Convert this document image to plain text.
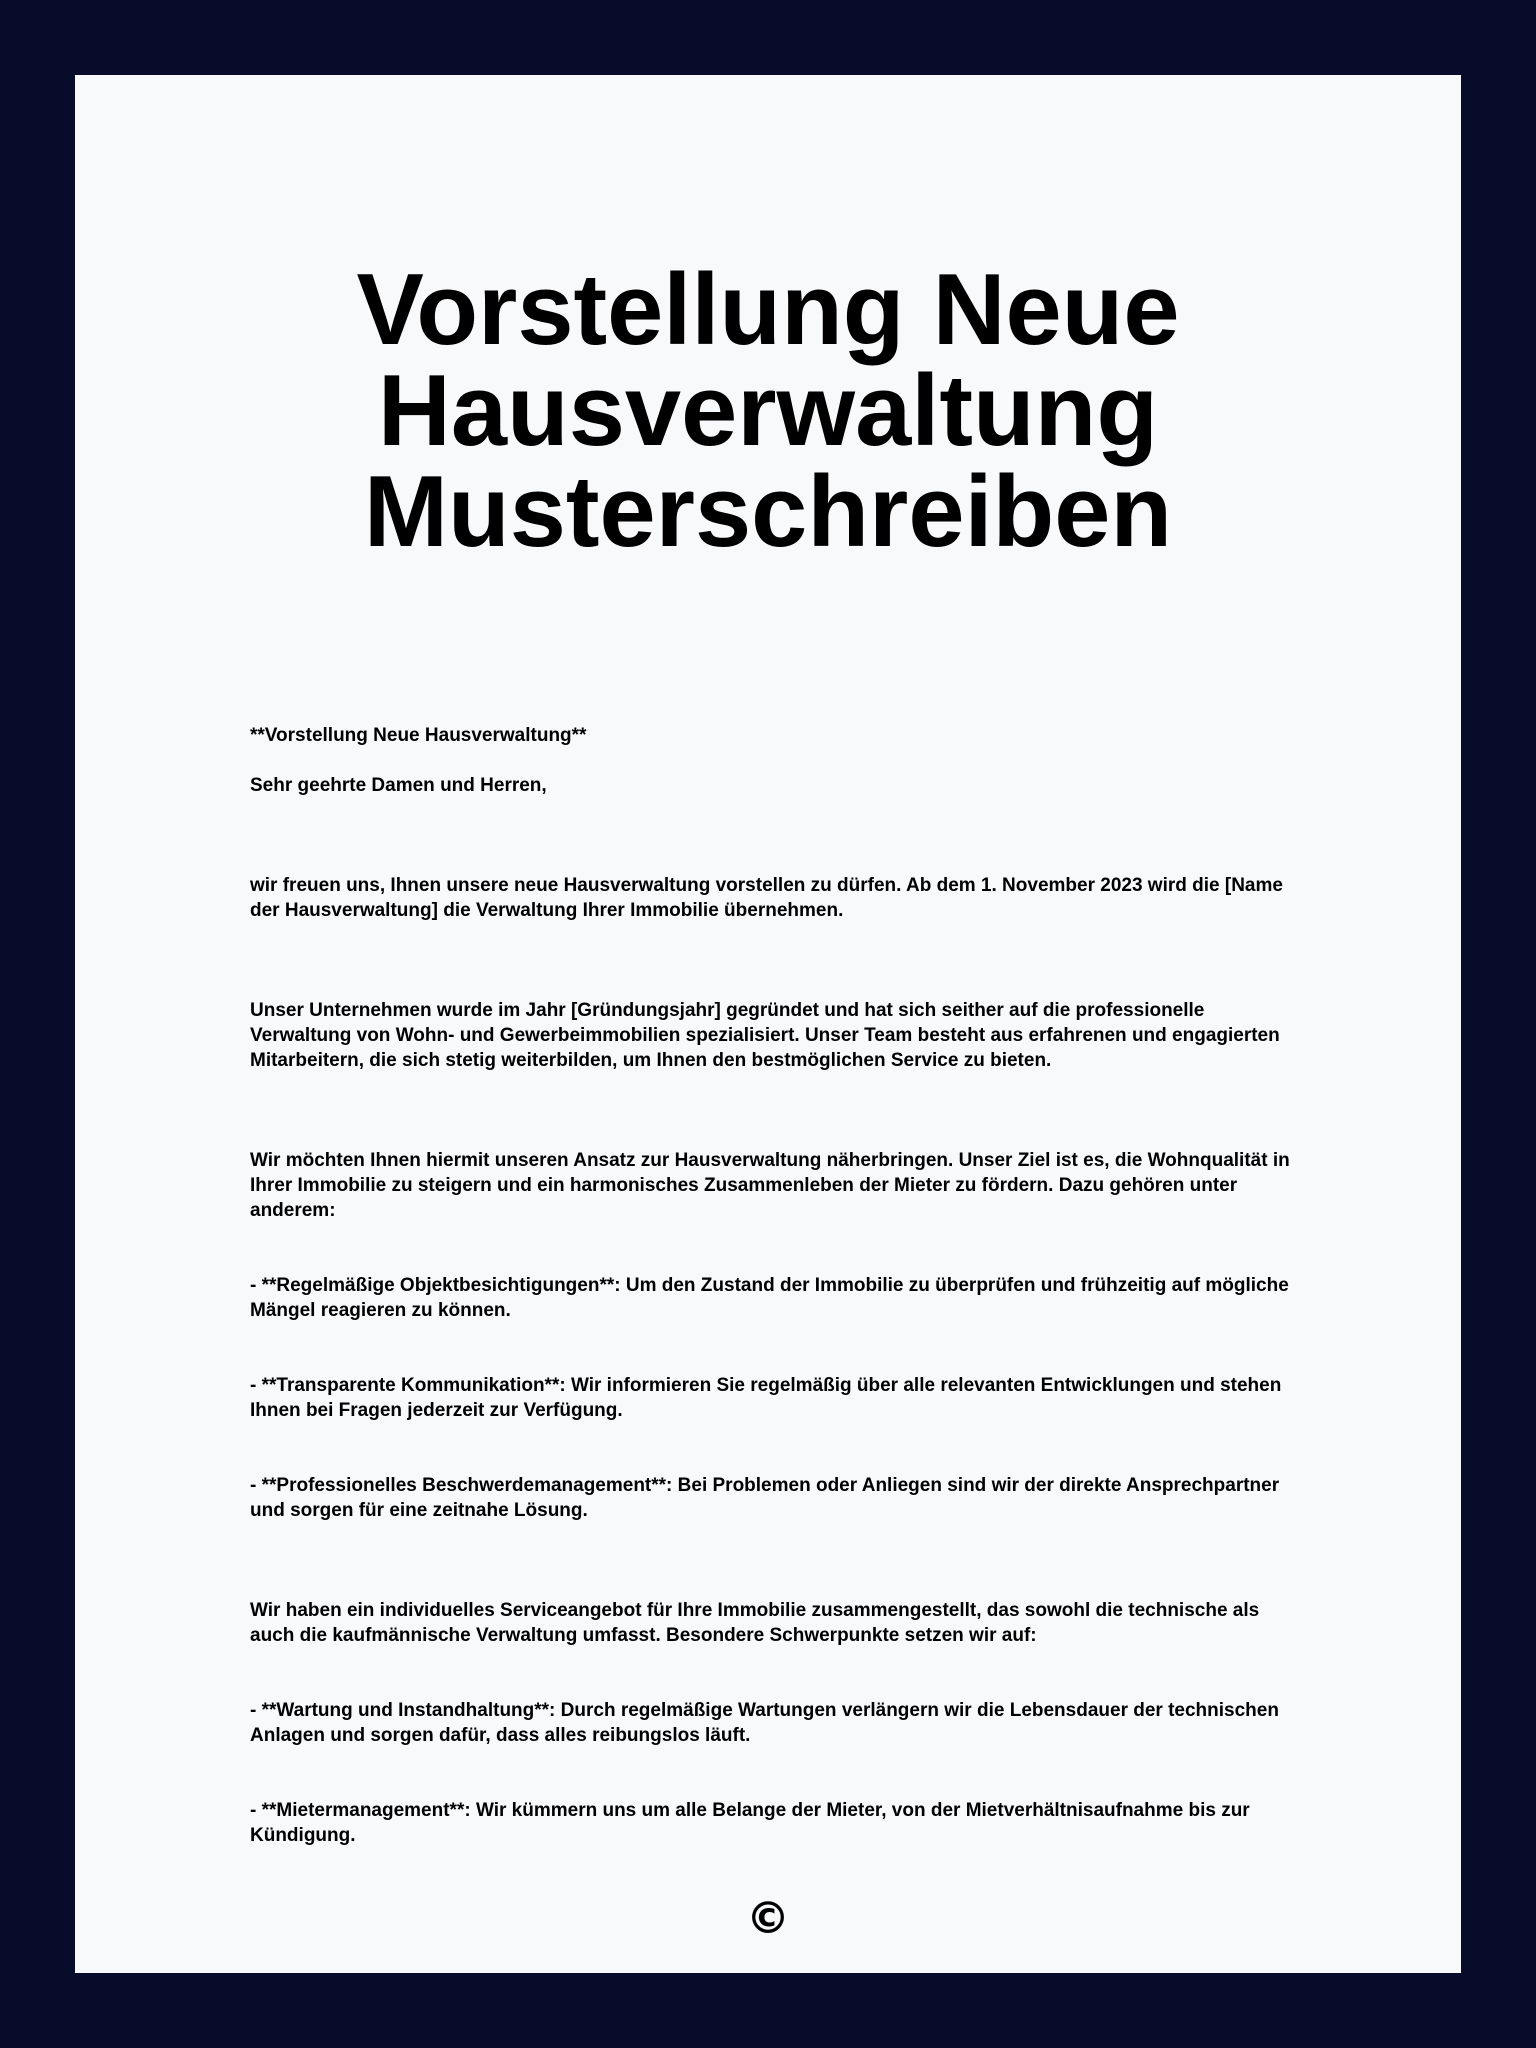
Vorstellung Neue
Hausverwaltung
Musterschreiben

**Vorstellung Neue Hausverwaltung**

Sehr geehrte Damen und Herren,

wir freuen uns, Ihnen unsere neue Hausverwaltung vorstellen zu dürfen. Ab dem 1. November 2023 wird die [Name der Hausverwaltung] die Verwaltung Ihrer Immobilie übernehmen.

Unser Unternehmen wurde im Jahr [Gründungsjahr] gegründet und hat sich seither auf die professionelle Verwaltung von Wohn- und Gewerbeimmobilien spezialisiert. Unser Team besteht aus erfahrenen und engagierten Mitarbeitern, die sich stetig weiterbilden, um Ihnen den bestmöglichen Service zu bieten.

Wir möchten Ihnen hiermit unseren Ansatz zur Hausverwaltung näherbringen. Unser Ziel ist es, die Wohnqualität in Ihrer Immobilie zu steigern und ein harmonisches Zusammenleben der Mieter zu fördern. Dazu gehören unter anderem:

- **Regelmäßige Objektbesichtigungen**: Um den Zustand der Immobilie zu überprüfen und frühzeitig auf mögliche Mängel reagieren zu können.

- **Transparente Kommunikation**: Wir informieren Sie regelmäßig über alle relevanten Entwicklungen und stehen Ihnen bei Fragen jederzeit zur Verfügung.

- **Professionelles Beschwerdemanagement**: Bei Problemen oder Anliegen sind wir der direkte Ansprechpartner und sorgen für eine zeitnahe Lösung.

Wir haben ein individuelles Serviceangebot für Ihre Immobilie zusammengestellt, das sowohl die technische als auch die kaufmännische Verwaltung umfasst. Besondere Schwerpunkte setzen wir auf:

- **Wartung und Instandhaltung**: Durch regelmäßige Wartungen verlängern wir die Lebensdauer der technischen Anlagen und sorgen dafür, dass alles reibungslos läuft.

- **Mietermanagement**: Wir kümmern uns um alle Belange der Mieter, von der Mietverhältnisaufnahme bis zur Kündigung.

©
